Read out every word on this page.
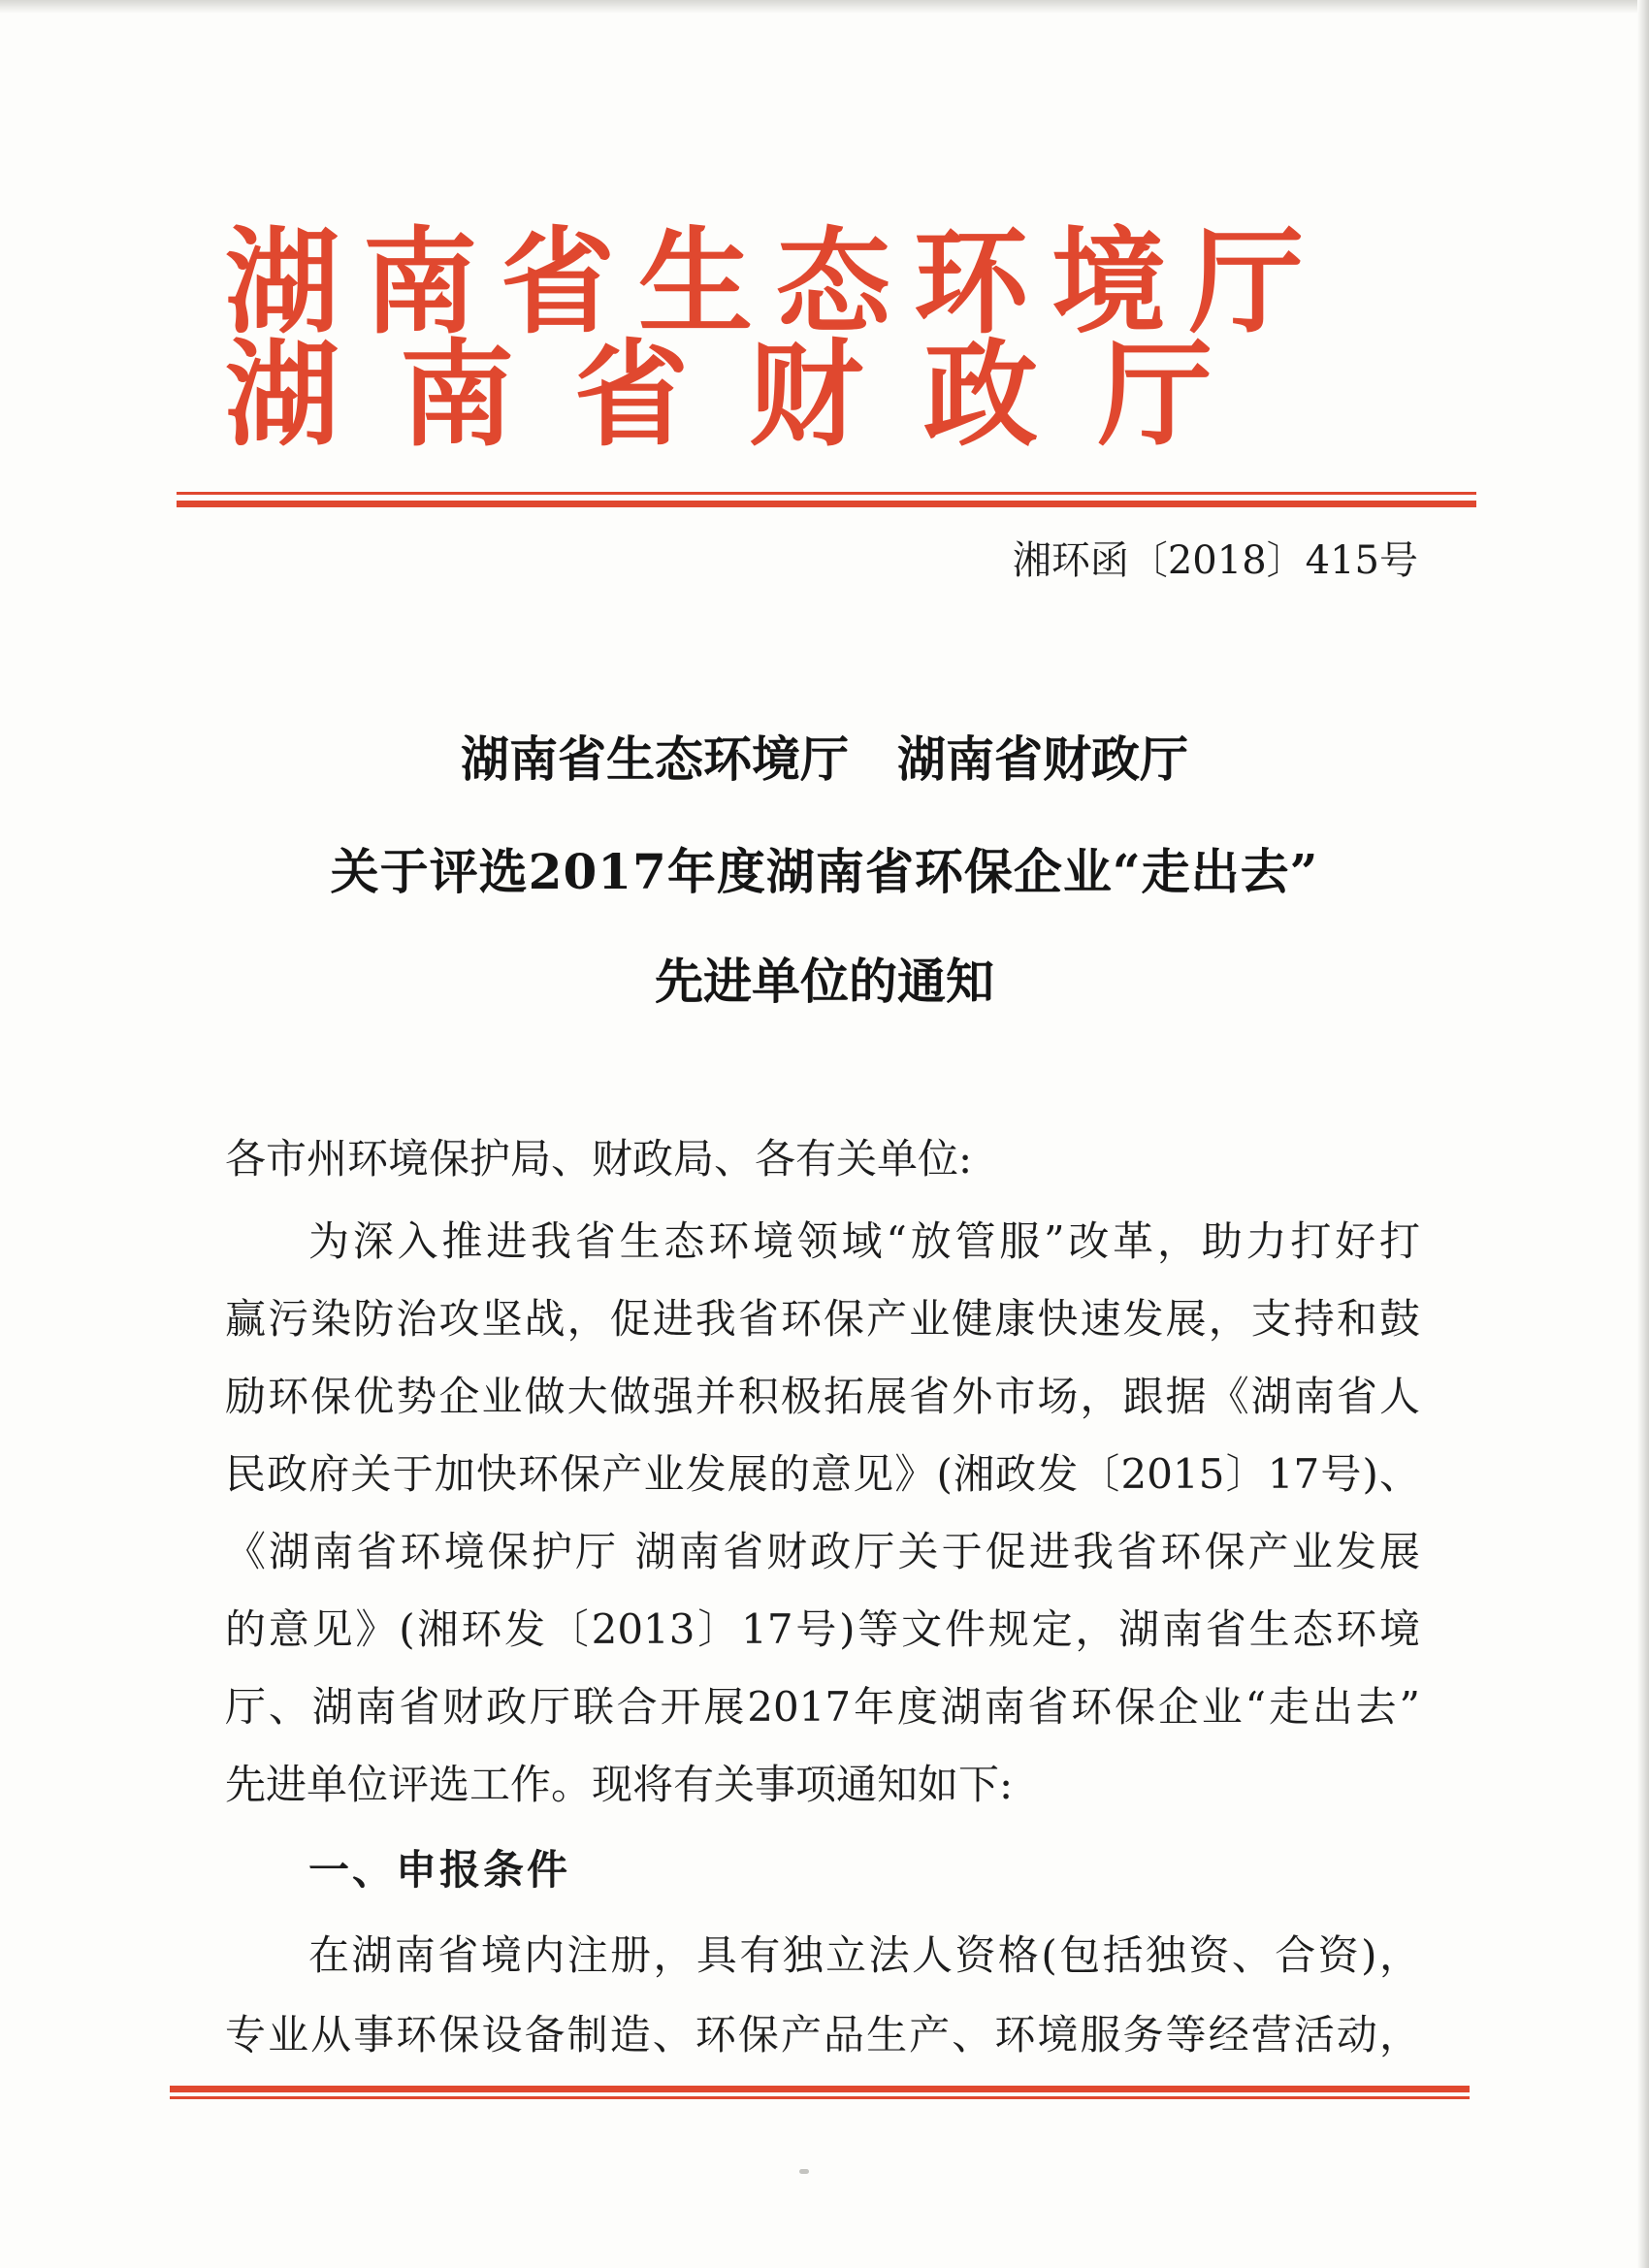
湖南省生态环境厅
湖南省财政厅
湘环函〔2018〕415号
湖南省生态环境厅　湖南省财政厅
关于评选2017年度湖南省环保企业“走出去”
先进单位的通知
各市州环境保护局、财政局、各有关单位:
为深入推进我省生态环境领域“放管服”改革，助力打好打
赢污染防治攻坚战，促进我省环保产业健康快速发展，支持和鼓
励环保优势企业做大做强并积极拓展省外市场，跟据《湖南省人
民政府关于加快环保产业发展的意见》(湘政发〔2015〕17号)、
《湖南省环境保护厅 湖南省财政厅关于促进我省环保产业发展
的意见》(湘环发〔2013〕17号)等文件规定，湖南省生态环境
厅、湖南省财政厅联合开展2017年度湖南省环保企业“走出去”
先进单位评选工作。现将有关事项通知如下:
一、申报条件
在湖南省境内注册，具有独立法人资格(包括独资、合资)，
专业从事环保设备制造、环保产品生产、环境服务等经营活动，
